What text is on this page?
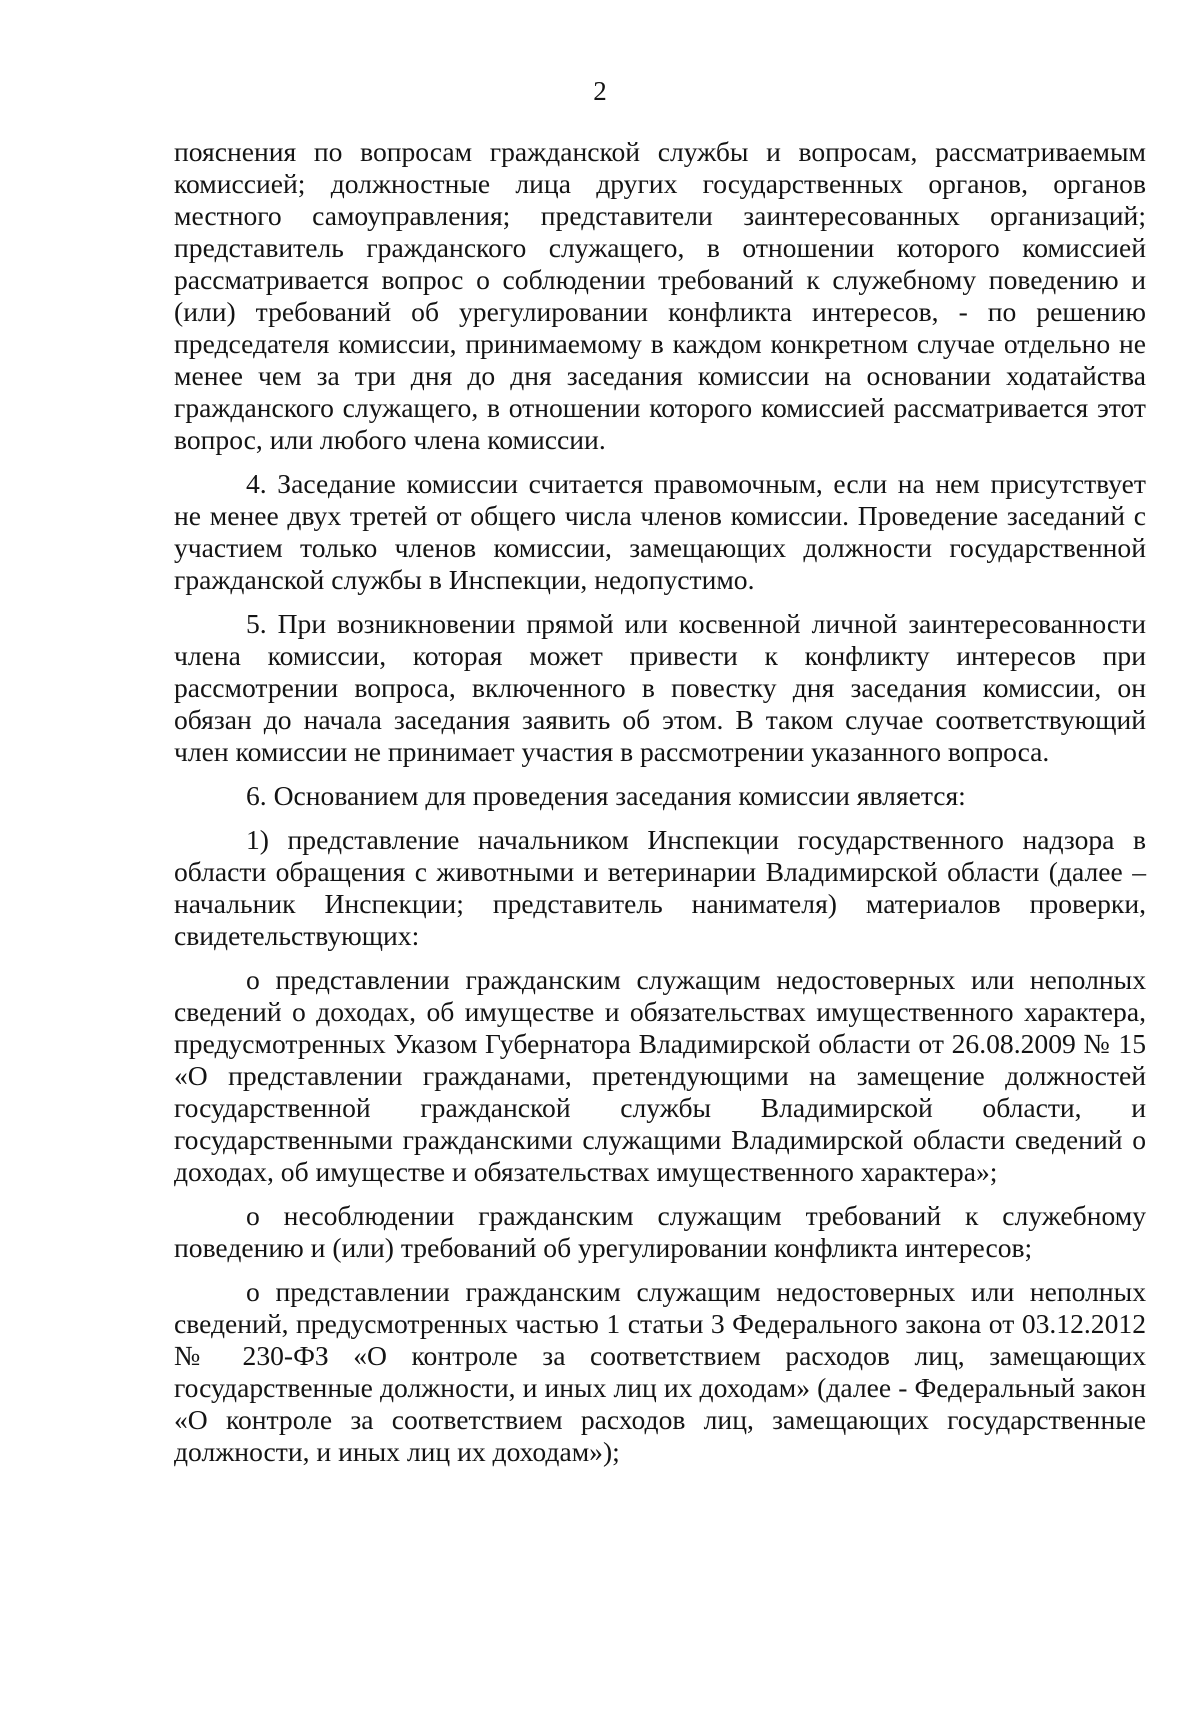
2

пояснения по вопросам гражданской службы и вопросам, рассматриваемым комиссией; должностные лица других государственных органов, органов местного самоуправления; представители заинтересованных организаций; представитель гражданского служащего, в отношении которого комиссией рассматривается вопрос о соблюдении требований к служебному поведению и (или) требований об урегулировании конфликта интересов, - по решению председателя комиссии, принимаемому в каждом конкретном случае отдельно не менее чем за три дня до дня заседания комиссии на основании ходатайства гражданского служащего, в отношении которого комиссией рассматривается этот вопрос, или любого члена комиссии.

4. Заседание комиссии считается правомочным, если на нем присутствует не менее двух третей от общего числа членов комиссии. Проведение заседаний с участием только членов комиссии, замещающих должности государственной гражданской службы в Инспекции, недопустимо.

5. При возникновении прямой или косвенной личной заинтересованности члена комиссии, которая может привести к конфликту интересов при рассмотрении вопроса, включенного в повестку дня заседания комиссии, он обязан до начала заседания заявить об этом. В таком случае соответствующий член комиссии не принимает участия в рассмотрении указанного вопроса.

6. Основанием для проведения заседания комиссии является:

1) представление начальником Инспекции государственного надзора в области обращения с животными и ветеринарии Владимирской области (далее – начальник Инспекции; представитель нанимателя) материалов проверки, свидетельствующих:

о представлении гражданским служащим недостоверных или неполных сведений о доходах, об имуществе и обязательствах имущественного характера, предусмотренных Указом Губернатора Владимирской области от 26.08.2009 № 15 «О представлении гражданами, претендующими на замещение должностей государственной гражданской службы Владимирской области, и государственными гражданскими служащими Владимирской области сведений о доходах, об имуществе и обязательствах имущественного характера»;

о несоблюдении гражданским служащим требований к служебному поведению и (или) требований об урегулировании конфликта интересов;

о представлении гражданским служащим недостоверных или неполных сведений, предусмотренных частью 1 статьи 3 Федерального закона от 03.12.2012 № 230-ФЗ «О контроле за соответствием расходов лиц, замещающих государственные должности, и иных лиц их доходам» (далее - Федеральный закон «О контроле за соответствием расходов лиц, замещающих государственные должности, и иных лиц их доходам»);
